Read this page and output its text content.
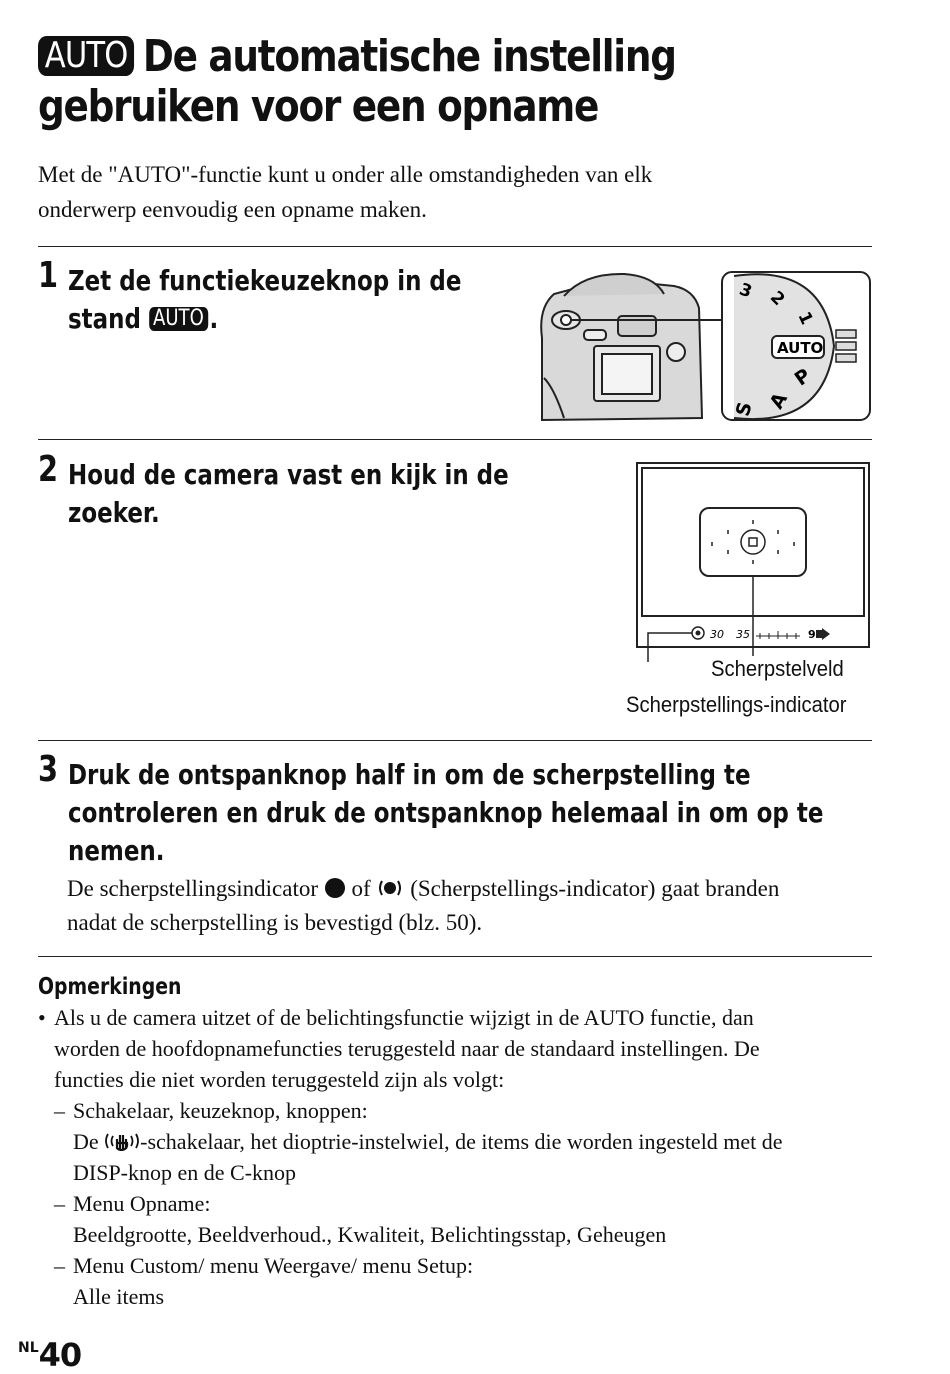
AUTO De automatische instelling
gebruiken voor een opname
Met de "AUTO"-functie kunt u onder alle omstandigheden van elk
onderwerp eenvoudig een opname maken.
1 Zet de functiekeuzeknop in de
stand AUTO .
3 2
1
AUTO
P
A
S
2 Houd de camera vast en kijk in de
zoeker.
30 35	9
Scherpstelveld
Scherpstellings-indicator
3 Druk de ontspanknop half in om de scherpstelling te
controleren en druk de ontspanknop helemaal in om op te
nemen.
De scherpstellingsindicator of (Scherpstellings-indicator) gaat branden
nadat de scherpstelling is bevestigd (blz. 50).
Opmerkingen
• Als u de camera uitzet of de belichtingsfunctie wijzigt in de AUTO functie, dan
worden de hoofdopnamefuncties teruggesteld naar de standaard instellingen. De
functies die niet worden teruggesteld zijn als volgt:
– Schakelaar, keuzeknop, knoppen:
De -schakelaar, het dioptrie-instelwiel, de items die worden ingesteld met de
DISP-knop en de C-knop
– Menu Opname:
Beeldgrootte, Beeldverhoud., Kwaliteit, Belichtingsstap, Geheugen
– Menu Custom/ menu Weergave/ menu Setup:
Alle items
NL40
